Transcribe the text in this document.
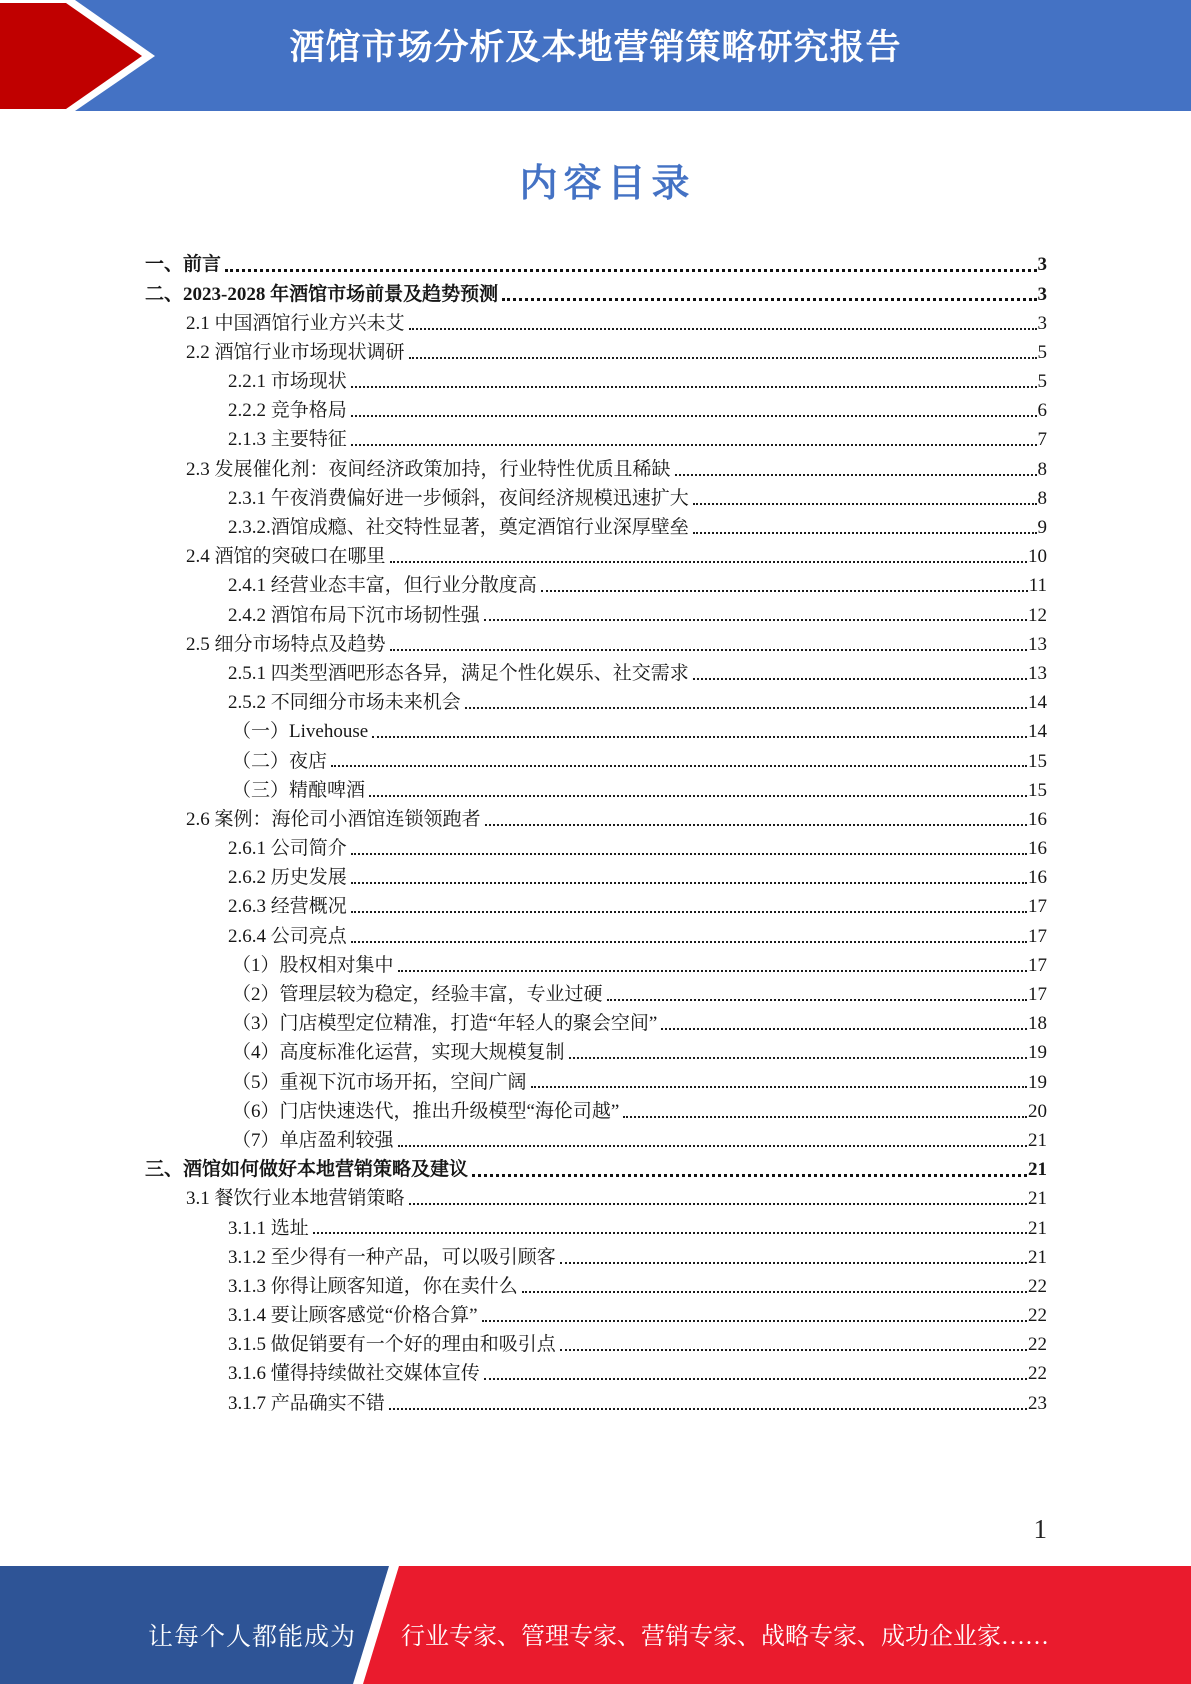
酒馆市场分析及本地营销策略研究报告
内容目录
一、前言	3
二、2023-2028 年酒馆市场前景及趋势预测	3
2.1 中国酒馆行业方兴未艾	3
2.2 酒馆行业市场现状调研	5
2.2.1 市场现状	5
2.2.2 竞争格局	6
2.1.3 主要特征	7
2.3 发展催化剂：夜间经济政策加持，行业特性优质且稀缺	8
2.3.1 午夜消费偏好进一步倾斜，夜间经济规模迅速扩大	8
2.3.2.酒馆成瘾、社交特性显著，奠定酒馆行业深厚壁垒	9
2.4 酒馆的突破口在哪里	10
2.4.1 经营业态丰富，但行业分散度高	11
2.4.2 酒馆布局下沉市场韧性强	12
2.5 细分市场特点及趋势	13
2.5.1 四类型酒吧形态各异，满足个性化娱乐、社交需求	13
2.5.2 不同细分市场未来机会	14
（一）Livehouse	14
（二）夜店	15
（三）精酿啤酒	15
2.6 案例：海伦司小酒馆连锁领跑者	16
2.6.1 公司简介	16
2.6.2 历史发展	16
2.6.3 经营概况	17
2.6.4 公司亮点	17
（1）股权相对集中	17
（2）管理层较为稳定，经验丰富，专业过硬	17
（3）门店模型定位精准，打造“年轻人的聚会空间”	18
（4）高度标准化运营，实现大规模复制	19
（5）重视下沉市场开拓，空间广阔	19
（6）门店快速迭代，推出升级模型“海伦司越”	20
（7）单店盈利较强	21
三、酒馆如何做好本地营销策略及建议	21
3.1 餐饮行业本地营销策略	21
3.1.1 选址	21
3.1.2 至少得有一种产品，可以吸引顾客	21
3.1.3 你得让顾客知道，你在卖什么	22
3.1.4 要让顾客感觉“价格合算”	22
3.1.5 做促销要有一个好的理由和吸引点	22
3.1.6 懂得持续做社交媒体宣传	22
3.1.7 产品确实不错	23
1
让每个人都能成为 行业专家、管理专家、营销专家、战略专家、成功企业家……
